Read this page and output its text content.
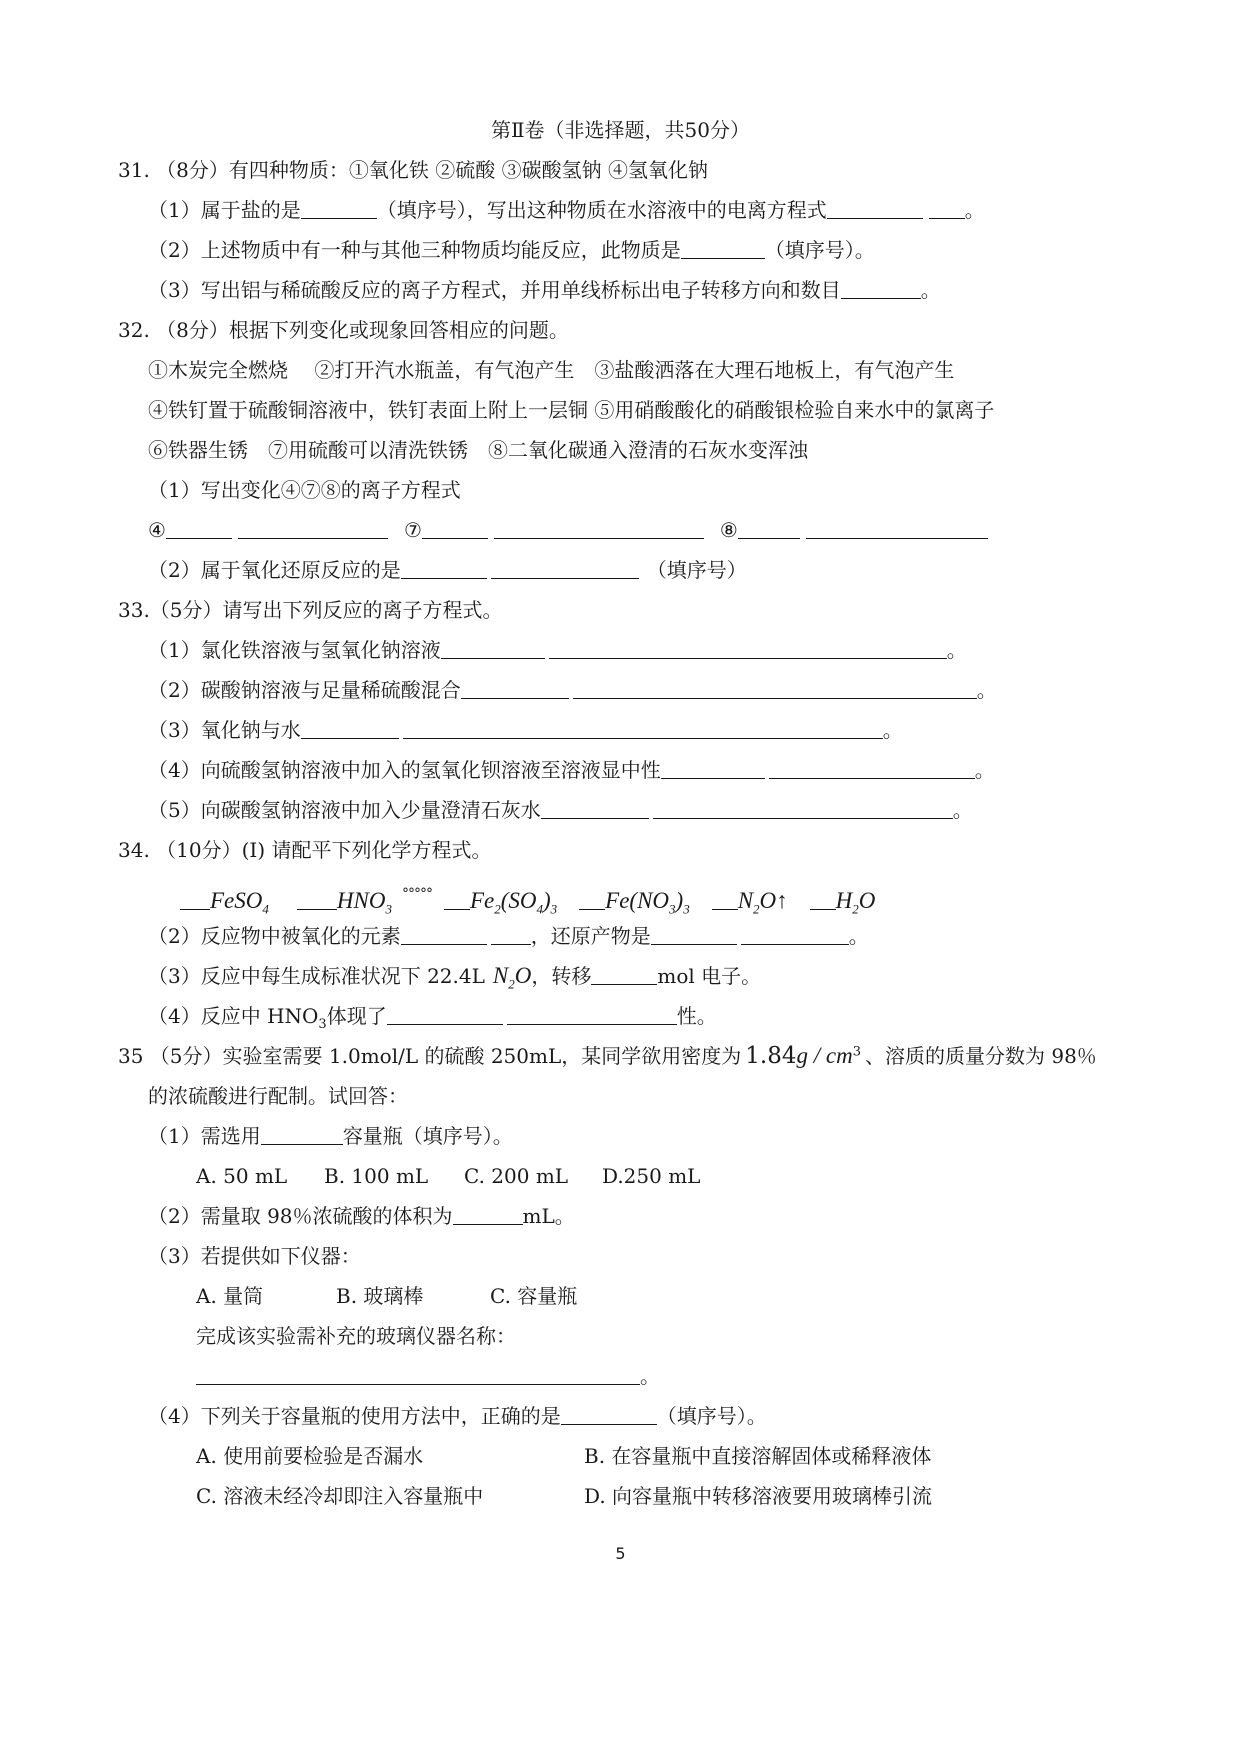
第Ⅱ卷（非选择题，共50分）
31. （8分）有四种物质：①氧化铁 ②硫酸 ③碳酸氢钠 ④氢氧化钠
（1）属于盐的是	（填序号），写出这种物质在水溶液中的电离方程式	。
（2）上述物质中有一种与其他三种物质均能反应，此物质是	（填序号）。
（3）写出铝与稀硫酸反应的离子方程式，并用单线桥标出电子转移方向和数目	。
32. （8分）根据下列变化或现象回答相应的问题。
①木炭完全燃烧　 ②打开汽水瓶盖，有气泡产生　③盐酸洒落在大理石地板上，有气泡产生
④铁钉置于硫酸铜溶液中，铁钉表面上附上一层铜 ⑤用硝酸酸化的硝酸银检验自来水中的氯离子
⑥铁器生锈　⑦用硫酸可以清洗铁锈　⑧二氧化碳通入澄清的石灰水变浑浊
（1）写出变化④⑦⑧的离子方程式
④	⑦	⑧
（2）属于氧化还原反应的是	（填序号）
33.（5分）请写出下列反应的离子方程式。
（1）氯化铁溶液与氢氧化钠溶液	。
（2）碳酸钠溶液与足量稀硫酸混合	。
（3）氧化钠与水	。
（4）向硫酸氢钠溶液中加入的氢氧化钡溶液至溶液显中性	。
（5）向碳酸氢钠溶液中加入少量澄清石灰水	。
34. （10分）(Ⅰ) 请配平下列化学方程式。
FeSO$_4$	$HNO_3^{^\circ^\circ^\circ^\circ^\circ}$ $Fe_2(SO_4)_3$ $Fe(NO_3)_3$ $N_2O↑$ $H_2O$
（2）反应物中被氧化的元素	，还原产物是	。
（3）反应中每生成标准状况下 22.4L $N_2O$，转移	mol 电子。
（4）反应中 $HNO_3$体现了	性。
35 （5分）实验室需要 1.0mol/L 的硫酸 250mL，某同学欲用密度为 $1.84g / cm^3$ 、溶质的质量分数为 98％
的浓硫酸进行配制。试回答：
（1）需选用	容量瓶（填序号）。
A. 50 mL B. 100 mL C. 200 mL D.250 mL
（2）需量取 98％浓硫酸的体积为	mL。
（3）若提供如下仪器：
A. 量筒	B. 玻璃棒	C. 容量瓶
完成该实验需补充的玻璃仪器名称：
。
（4）下列关于容量瓶的使用方法中，正确的是	（填序号）。
A. 使用前要检验是否漏水	B. 在容量瓶中直接溶解固体或稀释液体
C. 溶液未经冷却即注入容量瓶中	D. 向容量瓶中转移溶液要用玻璃棒引流
5
